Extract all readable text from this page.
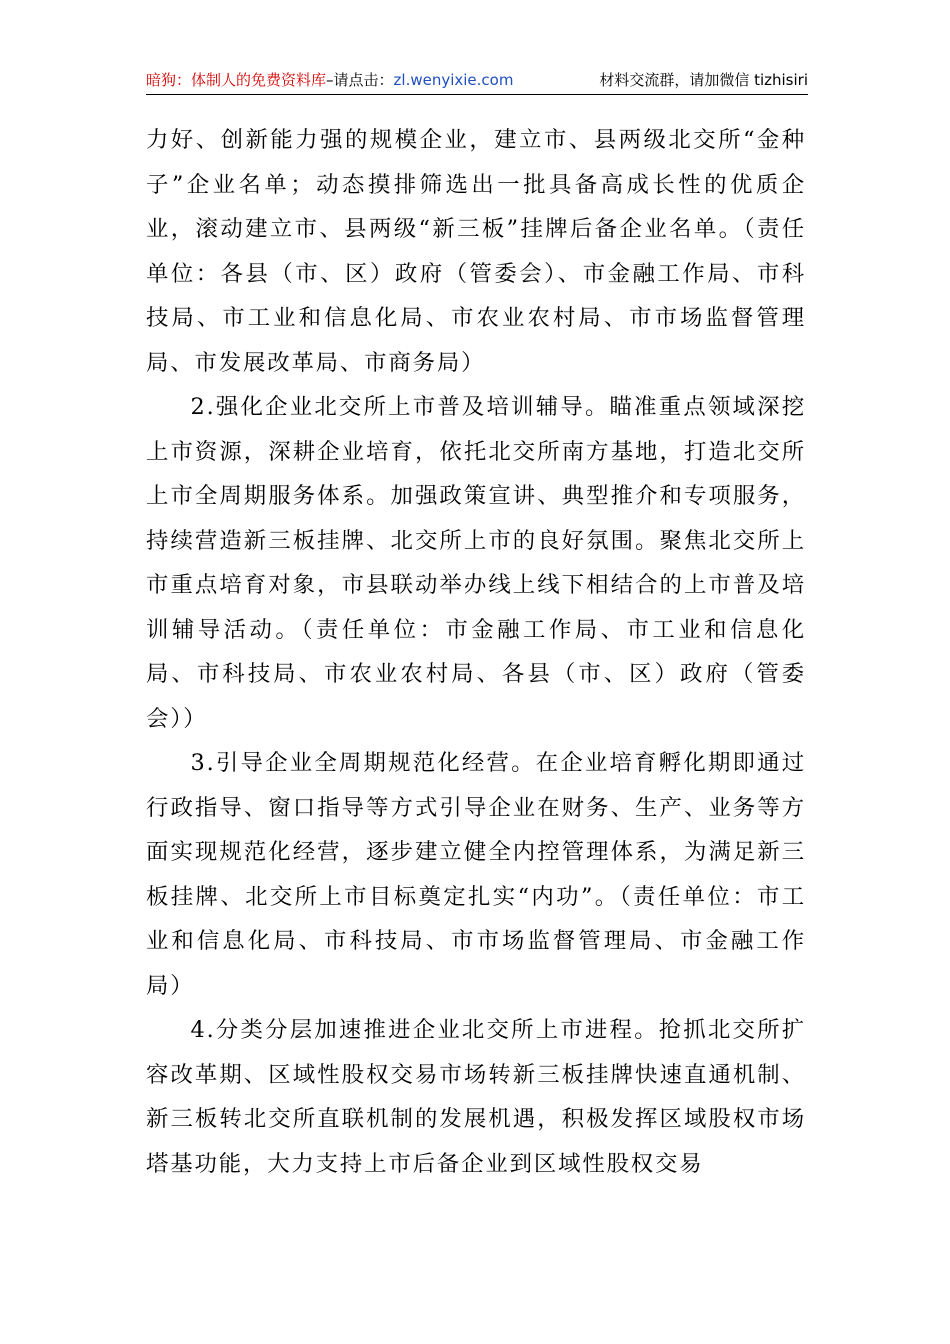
暗狗：体制人的免费资料库–请点击：zl.wenyixie.com	材料交流群，请加微信 tizhisiri

力好、创新能力强的规模企业，建立市、县两级北交所“金种子”企业名单；动态摸排筛选出一批具备高成长性的优质企业，滚动建立市、县两级“新三板”挂牌后备企业名单。（责任单位：各县（市、区）政府（管委会）、市金融工作局、市科技局、市工业和信息化局、市农业农村局、市市场监督管理局、市发展改革局、市商务局）

2.强化企业北交所上市普及培训辅导。瞄准重点领域深挖上市资源，深耕企业培育，依托北交所南方基地，打造北交所上市全周期服务体系。加强政策宣讲、典型推介和专项服务，持续营造新三板挂牌、北交所上市的良好氛围。聚焦北交所上市重点培育对象，市县联动举办线上线下相结合的上市普及培训辅导活动。（责任单位：市金融工作局、市工业和信息化局、市科技局、市农业农村局、各县（市、区）政府（管委会））

3.引导企业全周期规范化经营。在企业培育孵化期即通过行政指导、窗口指导等方式引导企业在财务、生产、业务等方面实现规范化经营，逐步建立健全内控管理体系，为满足新三板挂牌、北交所上市目标奠定扎实“内功”。（责任单位：市工业和信息化局、市科技局、市市场监督管理局、市金融工作局）

4.分类分层加速推进企业北交所上市进程。抢抓北交所扩容改革期、区域性股权交易市场转新三板挂牌快速直通机制、新三板转北交所直联机制的发展机遇，积极发挥区域股权市场塔基功能，大力支持上市后备企业到区域性股权交易
